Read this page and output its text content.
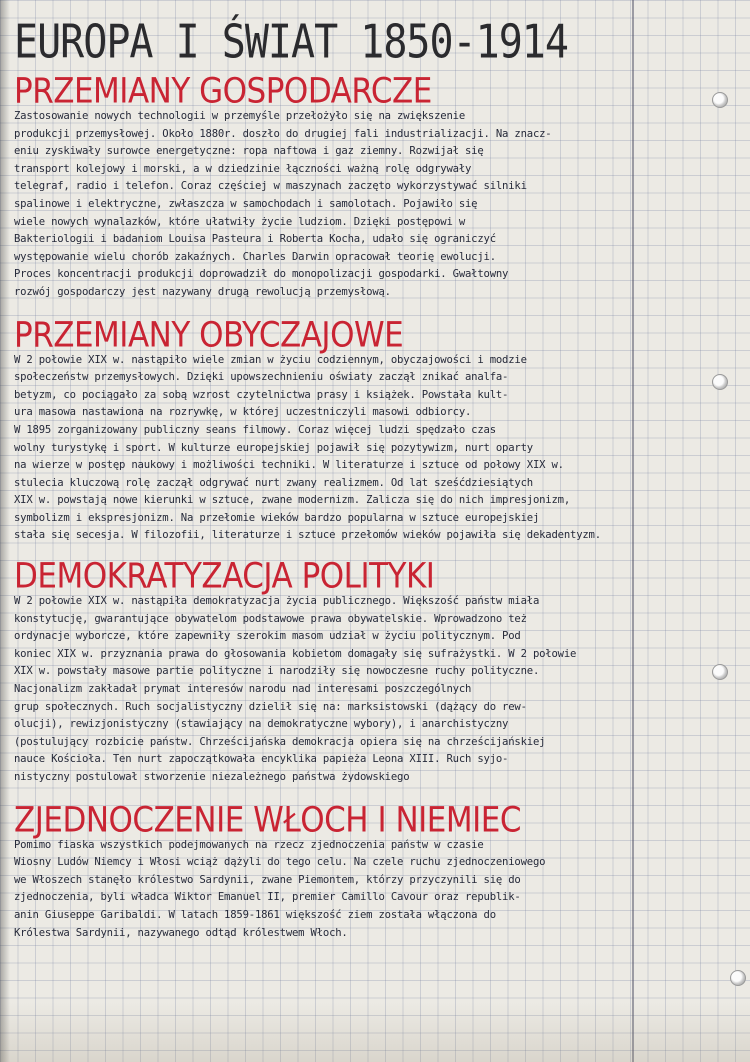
EUROPA I ŚWIAT 1850-1914
PRZEMIANY GOSPODARCZE

Zastosowanie nowych technologii w przemyśle przełożyło się na zwiększenie
produkcji przemysłowej. Około 1880r. doszło do drugiej fali industrializacji. Na znacz-
eniu zyskiwały surowce energetyczne: ropa naftowa i gaz ziemny. Rozwijał się
transport kolejowy i morski, a w dziedzinie łączności ważną rolę odgrywały
telegraf, radio i telefon. Coraz częściej w maszynach zaczęto wykorzystywać silniki
spalinowe i elektryczne, zwłaszcza w samochodach i samolotach. Pojawiło się
wiele nowych wynalazków, które ułatwiły życie ludziom. Dzięki postępowi w
Bakteriologii i badaniom Louisa Pasteura i Roberta Kocha, udało się ograniczyć
występowanie wielu chorób zakaźnych. Charles Darwin opracował teorię ewolucji.
Proces koncentracji produkcji doprowadził do monopolizacji gospodarki. Gwałtowny
rozwój gospodarczy jest nazywany drugą rewolucją przemysłową.

PRZEMIANY OBYCZAJOWE

W 2 połowie XIX w. nastąpiło wiele zmian w życiu codziennym, obyczajowości i modzie
społeczeństw przemysłowych. Dzięki upowszechnieniu oświaty zaczął znikać analfa-
betyzm, co pociągało za sobą wzrost czytelnictwa prasy i książek. Powstała kult-
ura masowa nastawiona na rozrywkę, w której uczestniczyli masowi odbiorcy.
W 1895 zorganizowany publiczny seans filmowy. Coraz więcej ludzi spędzało czas
wolny turystykę i sport. W kulturze europejskiej pojawił się pozytywizm, nurt oparty
na wierze w postęp naukowy i możliwości techniki. W literaturze i sztuce od połowy XIX w.
stulecia kluczową rolę zaczął odgrywać nurt zwany realizmem. Od lat sześćdziesiątych
XIX w. powstają nowe kierunki w sztuce, zwane modernizm. Zalicza się do nich impresjonizm,
symbolizm i ekspresjonizm. Na przełomie wieków bardzo popularna w sztuce europejskiej
stała się secesja. W filozofii, literaturze i sztuce przełomów wieków pojawiła się dekadentyzm.

DEMOKRATYZACJA POLITYKI

W 2 połowie XIX w. nastąpiła demokratyzacja życia publicznego. Większość państw miała
konstytucję, gwarantujące obywatelom podstawowe prawa obywatelskie. Wprowadzono też
ordynacje wyborcze, które zapewniły szerokim masom udział w życiu politycznym. Pod
koniec XIX w. przyznania prawa do głosowania kobietom domagały się sufrażystki. W 2 połowie
XIX w. powstały masowe partie polityczne i narodziły się nowoczesne ruchy polityczne.
Nacjonalizm zakładał prymat interesów narodu nad interesami poszczególnych
grup społecznych. Ruch socjalistyczny dzielił się na: marksistowski (dążący do rew-
olucji), rewizjonistyczny (stawiający na demokratyczne wybory), i anarchistyczny
(postulujący rozbicie państw. Chrześcijańska demokracja opiera się na chrześcijańskiej
nauce Kościoła. Ten nurt zapoczątkowała encyklika papieża Leona XIII. Ruch syjo-
nistyczny postulował stworzenie niezależnego państwa żydowskiego

ZJEDNOCZENIE WŁOCH I NIEMIEC

Pomimo fiaska wszystkich podejmowanych na rzecz zjednoczenia państw w czasie
Wiosny Ludów Niemcy i Włosi wciąż dążyli do tego celu. Na czele ruchu zjednoczeniowego
we Włoszech stanęło królestwo Sardynii, zwane Piemontem, którzy przyczynili się do
zjednoczenia, byli władca Wiktor Emanuel II, premier Camillo Cavour oraz republik-
anin Giuseppe Garibaldi. W latach 1859-1861 większość ziem została włączona do
Królestwa Sardynii, nazywanego odtąd królestwem Włoch.
